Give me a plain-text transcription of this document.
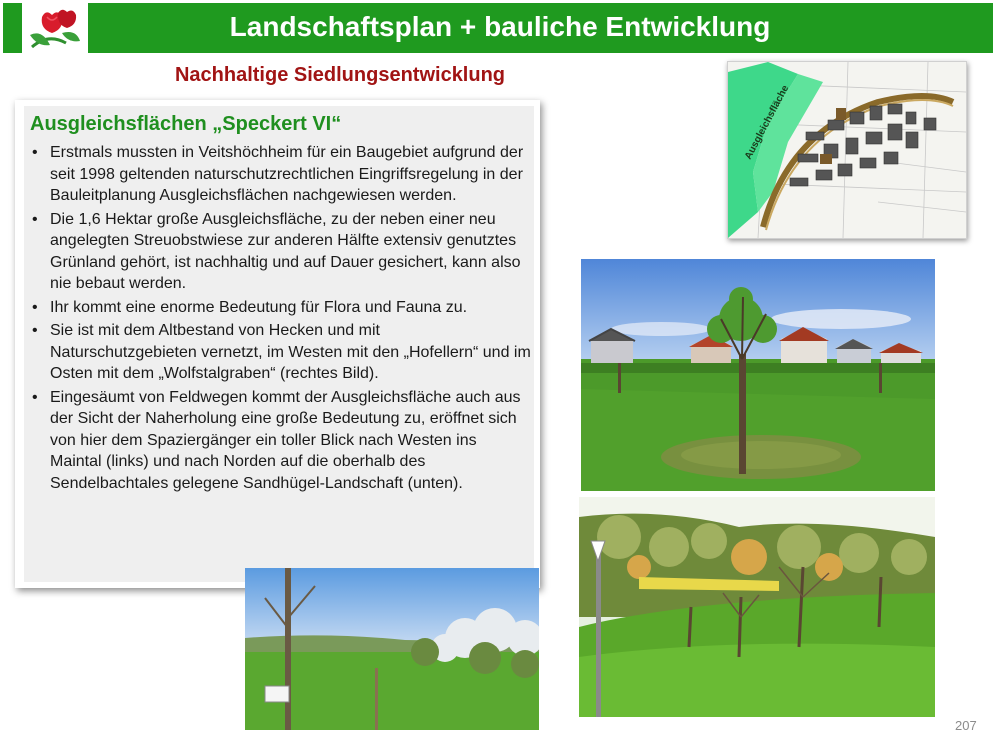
Landschaftsplan + bauliche Entwicklung
Nachhaltige Siedlungsentwicklung
Ausgleichsflächen „Speckert VI“
• Erstmals mussten in Veitshöchheim für ein Baugebiet aufgrund der seit 1998 geltenden naturschutzrechtlichen Eingriffsregelung in der Bauleitplanung Ausgleichsflächen nachgewiesen werden.
• Die 1,6 Hektar große Ausgleichsfläche, zu der neben einer neu angelegten Streuobstwiese zur anderen Hälfte extensiv genutztes Grünland gehört, ist nachhaltig und auf Dauer gesichert, kann also nie bebaut werden.
• Ihr kommt eine enorme Bedeutung für Flora und Fauna zu.
• Sie ist mit dem Altbestand von Hecken und mit Naturschutzgebieten vernetzt, im Westen mit den „Hofellern“ und im Osten mit dem „Wolfstalgraben“ (rechtes Bild).
• Eingesäumt von Feldwegen kommt der Ausgleichsfläche auch aus der Sicht der Naherholung eine große Bedeutung zu, eröffnet sich von hier dem Spaziergänger ein toller Blick nach Westen ins Maintal (links) und nach Norden auf die oberhalb des Sendelbachtales gelegene Sandhügel-Landschaft (unten).
Ausgleichsfläche
207
